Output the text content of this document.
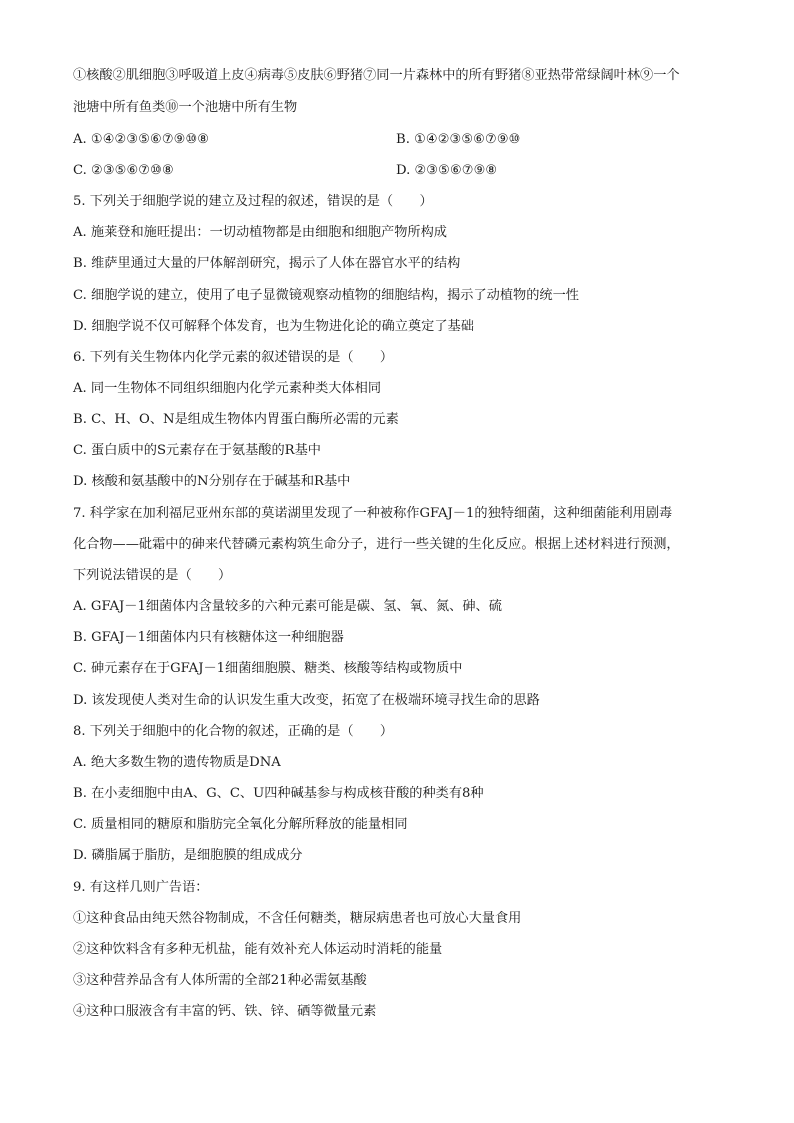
①核酸②肌细胞③呼吸道上皮④病毒⑤皮肤⑥野猪⑦同一片森林中的所有野猪⑧亚热带常绿阔叶林⑨一个
池塘中所有鱼类⑩一个池塘中所有生物
A. ①④②③⑤⑥⑦⑨⑩⑧	B. ①④②③⑤⑥⑦⑨⑩
C. ②③⑤⑥⑦⑩⑧	D. ②③⑤⑥⑦⑨⑧
5. 下列关于细胞学说的建立及过程的叙述，错误的是（　　）
A. 施莱登和施旺提出：一切动植物都是由细胞和细胞产物所构成
B. 维萨里通过大量的尸体解剖研究，揭示了人体在器官水平的结构
C. 细胞学说的建立，使用了电子显微镜观察动植物的细胞结构，揭示了动植物的统一性
D. 细胞学说不仅可解释个体发育，也为生物进化论的确立奠定了基础
6. 下列有关生物体内化学元素的叙述错误的是（　　）
A. 同一生物体不同组织细胞内化学元素种类大体相同
B. C、H、O、N是组成生物体内胃蛋白酶所必需的元素
C. 蛋白质中的S元素存在于氨基酸的R基中
D. 核酸和氨基酸中的N分别存在于碱基和R基中
7. 科学家在加利福尼亚州东部的莫诺湖里发现了一种被称作GFAJ－1的独特细菌，这种细菌能利用剧毒
化合物——砒霜中的砷来代替磷元素构筑生命分子，进行一些关键的生化反应。根据上述材料进行预测，
下列说法错误的是（　　）
A. GFAJ－1细菌体内含量较多的六种元素可能是碳、氢、氧、氮、砷、硫
B. GFAJ－1细菌体内只有核糖体这一种细胞器
C. 砷元素存在于GFAJ－1细菌细胞膜、糖类、核酸等结构或物质中
D. 该发现使人类对生命的认识发生重大改变，拓宽了在极端环境寻找生命的思路
8. 下列关于细胞中的化合物的叙述，正确的是（　　）
A. 绝大多数生物的遗传物质是DNA
B. 在小麦细胞中由A、G、C、U四种碱基参与构成核苷酸的种类有8种
C. 质量相同的糖原和脂肪完全氧化分解所释放的能量相同
D. 磷脂属于脂肪，是细胞膜的组成成分
9. 有这样几则广告语：
①这种食品由纯天然谷物制成，不含任何糖类，糖尿病患者也可放心大量食用
②这种饮料含有多种无机盐，能有效补充人体运动时消耗的能量
③这种营养品含有人体所需的全部21种必需氨基酸
④这种口服液含有丰富的钙、铁、锌、硒等微量元素
